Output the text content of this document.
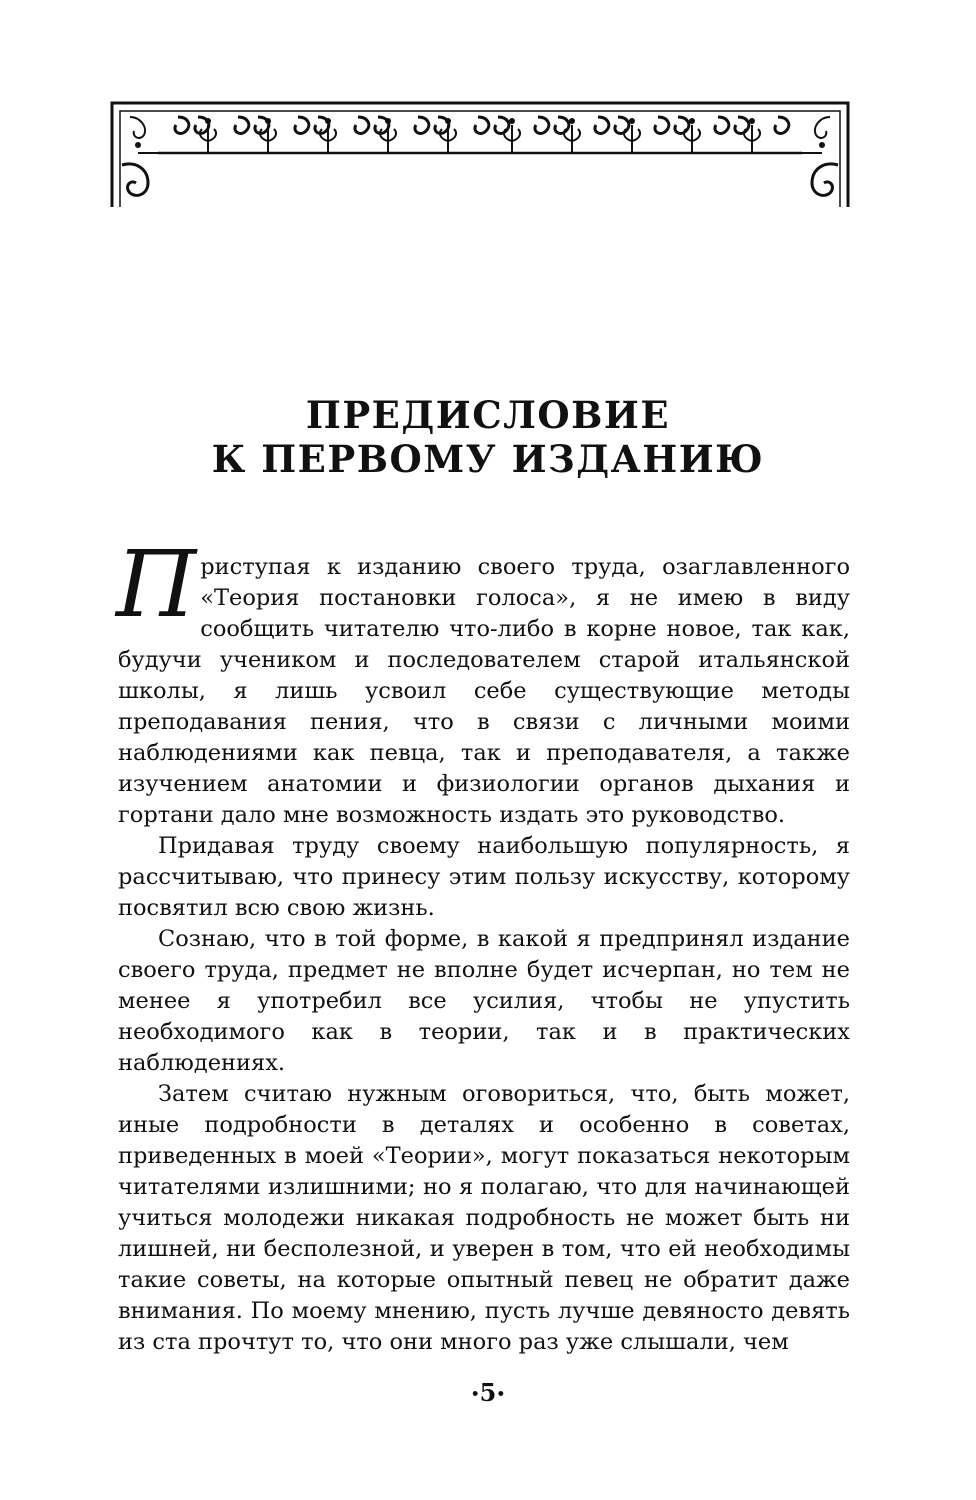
ПРЕДИСЛОВИЕ
К ПЕРВОМУ ИЗДАНИЮ

Приступая к изданию своего труда, озаглавленного «Теория постановки голоса», я не имею в виду сообщить читателю что-либо в корне новое, так как, будучи учеником и последователем старой итальянской школы, я лишь усвоил себе существующие методы преподавания пения, что в связи с личными моими наблюдениями как певца, так и преподавателя, а также изучением анатомии и физиологии органов дыхания и гортани дало мне возможность издать это руководство.

Придавая труду своему наибольшую популярность, я рассчитываю, что принесу этим пользу искусству, которому посвятил всю свою жизнь.

Сознаю, что в той форме, в какой я предпринял издание своего труда, предмет не вполне будет исчерпан, но тем не менее я употребил все усилия, чтобы не упустить необходимого как в теории, так и в практических наблюдениях.

Затем считаю нужным оговориться, что, быть может, иные подробности в деталях и особенно в советах, приведенных в моей «Теории», могут показаться некоторым читателями излишними; но я полагаю, что для начинающей учиться молодежи никакая подробность не может быть ни лишней, ни бесполезной, и уверен в том, что ей необходимы такие советы, на которые опытный певец не обратит даже внимания. По моему мнению, пусть лучше девяносто девять из ста прочтут то, что они много раз уже слышали, чем

•5•
